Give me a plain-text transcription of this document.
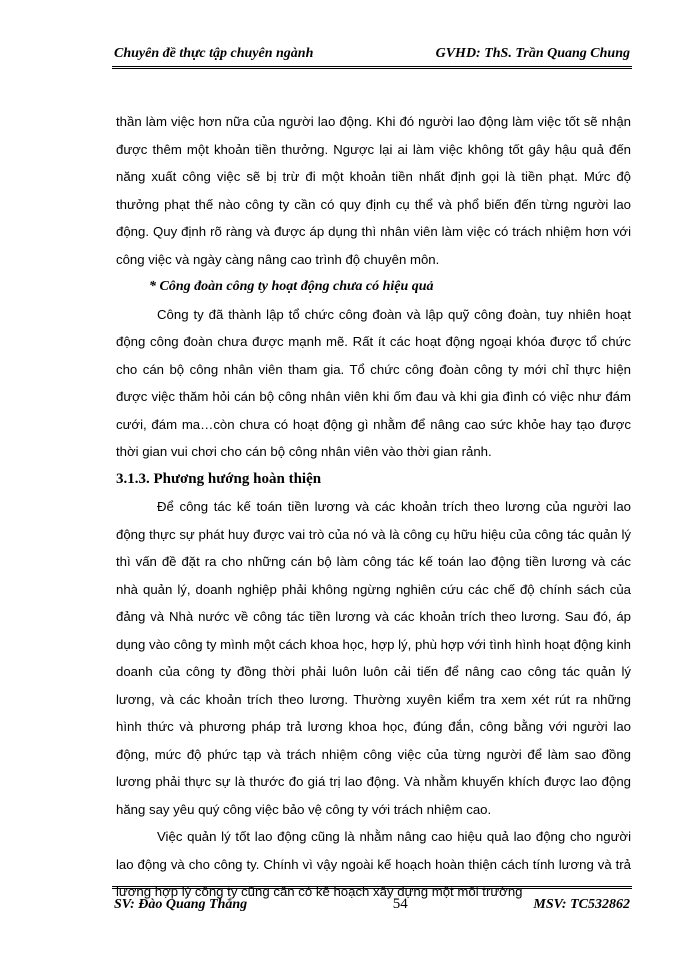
Chuyên đề thực tập chuyên ngành	GVHD: ThS. Trần Quang Chung

thần làm việc hơn nữa của người lao động. Khi đó người lao động làm việc tốt sẽ nhận được thêm một khoản tiền thưởng. Ngược lại ai làm việc không tốt gây hậu quả đến năng xuất công việc sẽ bị trừ đi một khoản tiền nhất định gọi là tiền phạt. Mức độ thưởng phạt thế nào công ty cần có quy định cụ thể và phổ biến đến từng người lao động. Quy định rõ ràng và được áp dụng thì nhân viên làm việc có trách nhiệm hơn với công việc và ngày càng nâng cao trình độ chuyên môn.

* Công đoàn công ty hoạt động chưa có hiệu quả

Công ty đã thành lập tổ chức công đoàn và lập quỹ công đoàn, tuy nhiên hoạt động công đoàn chưa được mạnh mẽ. Rất ít các hoạt động ngoại khóa được tổ chức cho cán bộ công nhân viên tham gia. Tổ chức công đoàn công ty mới chỉ thực hiện được việc thăm hỏi cán bộ công nhân viên khi ốm đau và khi gia đình có việc như đám cưới, đám ma…còn chưa có hoạt động gì nhằm để nâng cao sức khỏe hay tạo được thời gian vui chơi cho cán bộ công nhân viên vào thời gian rảnh.

3.1.3. Phương hướng hoàn thiện

Để công tác kế toán tiền lương và các khoản trích theo lương của người lao động thực sự phát huy được vai trò của nó và là công cụ hữu hiệu của công tác quản lý thì vấn đề đặt ra cho những cán bộ làm công tác kế toán lao động tiền lương và các nhà quản lý, doanh nghiệp phải không ngừng nghiên cứu các chế độ chính sách của đảng và Nhà nước về công tác tiền lương và các khoản trích theo lương. Sau đó, áp dụng vào công ty mình một cách khoa học, hợp lý, phù hợp với tình hình hoạt động kinh doanh của công ty đồng thời phải luôn luôn cải tiến để nâng cao công tác quản lý lương, và các khoản trích theo lương. Thường xuyên kiểm tra xem xét rút ra những hình thức và phương pháp trả lương khoa học, đúng đắn, công bằng với người lao động, mức độ phức tạp và trách nhiệm công việc của từng người để làm sao đồng lương phải thực sự là thước đo giá trị lao động. Và nhằm khuyến khích được lao động hăng say yêu quý công việc bảo vệ công ty với trách nhiệm cao.

Việc quản lý tốt lao động cũng là nhằm nâng cao hiệu quả lao động cho người lao động và cho công ty. Chính vì vậy ngoài kế hoạch hoàn thiện cách tính lương và trả lương hợp lý công ty cũng cần có kế hoạch xây dựng một môi trường

SV: Đào Quang Thắng	54	MSV: TC532862
